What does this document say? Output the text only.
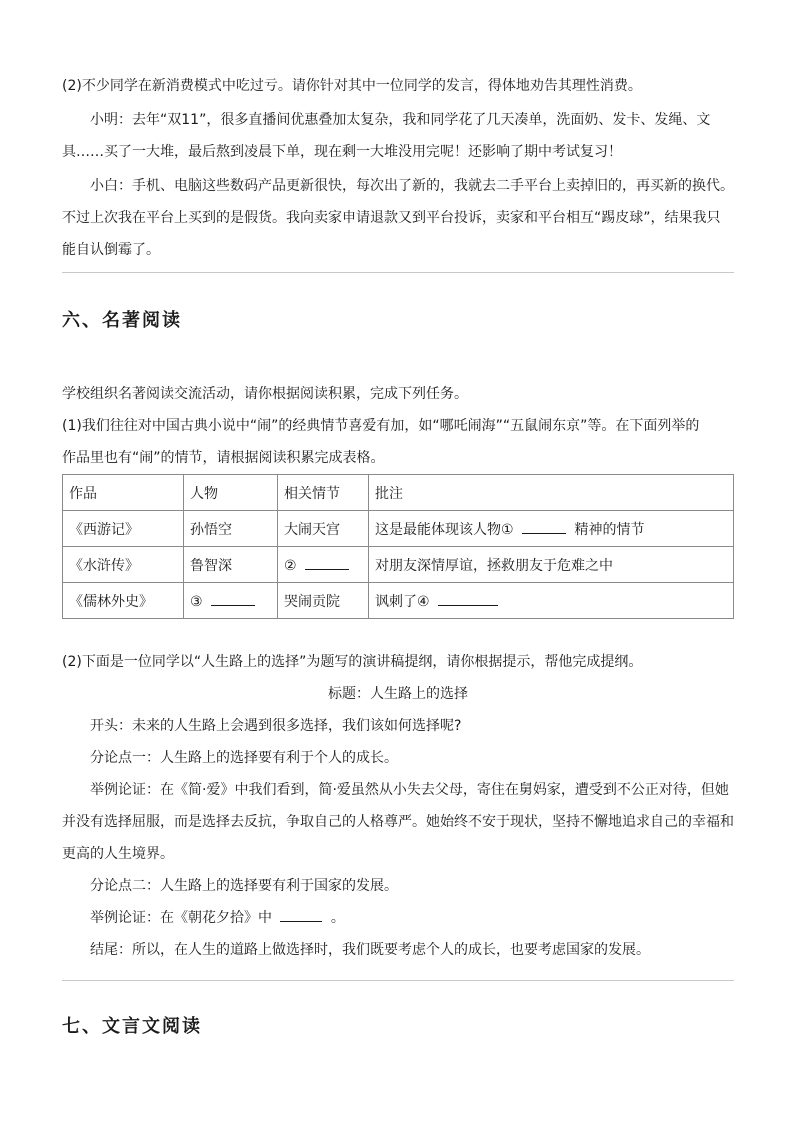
(2)不少同学在新消费模式中吃过亏。请你针对其中一位同学的发言，得体地劝告其理性消费。
小明：去年“双11”，很多直播间优惠叠加太复杂，我和同学花了几天凑单，洗面奶、发卡、发绳、文
具……买了一大堆，最后熬到凌晨下单，现在剩一大堆没用完呢！还影响了期中考试复习！
小白：手机、电脑这些数码产品更新很快，每次出了新的，我就去二手平台上卖掉旧的，再买新的换代。
不过上次我在平台上买到的是假货。我向卖家申请退款又到平台投诉，卖家和平台相互“踢皮球”，结果我只
能自认倒霉了。
六、名著阅读
学校组织名著阅读交流活动，请你根据阅读积累，完成下列任务。
(1)我们往往对中国古典小说中“闹”的经典情节喜爱有加，如“哪吒闹海”“五鼠闹东京”等。在下面列举的
作品里也有“闹”的情节，请根据阅读积累完成表格。
作品	人物	相关情节	批注
《西游记》	孙悟空	大闹天宫	这是最能体现该人物① 精神的情节
《水浒传》	鲁智深	②	对朋友深情厚谊，拯救朋友于危难之中
《儒林外史》	③	哭闹贡院	讽刺了④
(2)下面是一位同学以“人生路上的选择”为题写的演讲稿提纲，请你根据提示，帮他完成提纲。
标题：人生路上的选择
开头：未来的人生路上会遇到很多选择，我们该如何选择呢?
分论点一：人生路上的选择要有利于个人的成长。
举例论证：在《简·爱》中我们看到，简·爱虽然从小失去父母，寄住在舅妈家，遭受到不公正对待，但她
并没有选择屈服，而是选择去反抗，争取自己的人格尊严。她始终不安于现状，坚持不懈地追求自己的幸福和
更高的人生境界。
分论点二：人生路上的选择要有利于国家的发展。
举例论证：在《朝花夕拾》中	。
结尾：所以，在人生的道路上做选择时，我们既要考虑个人的成长，也要考虑国家的发展。
七、文言文阅读
